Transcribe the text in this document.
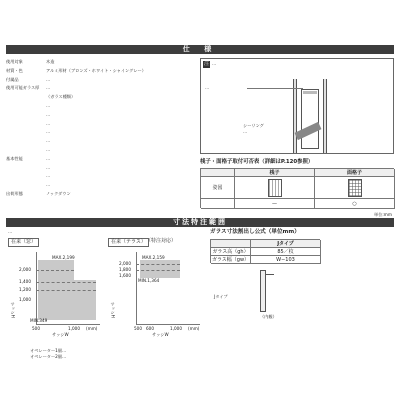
仕 様
使用対象	木造
材質・色	アルミ形材（ブロンズ・ホワイト・シャイングレー）
付属品	…
使用可能ガラス厚	…
（ガラス種類）
…
…
…
…
…
…
基本性能	…
…
…
…
出荷形態	ノックダウン
注 …
…
シーリング
…
桟子・面格子取付可否表（詳細はP.120参照）
桟子	面格子
姿図
—	○
単位:mm
寸法特注範囲
…
在来（窓）
MAX.2,199
2,000
1,400
1,200
1,000
サッシH
MIN.349
500	1,000 (mm)
サッシW
在来（テラス） （特注対応）
MAX.2,159
2,000
1,800
1,600
サッシH
MIN.1,364
500 600	1,000 (mm)
サッシW
オペレーター1個…
オペレーター2個…
ガラス寸法割出し公式（単位mm）
Jタイプ
ガラス高（gh）	85／枚
ガラス幅（gw）	W−103
Jタイプ
（内観）
